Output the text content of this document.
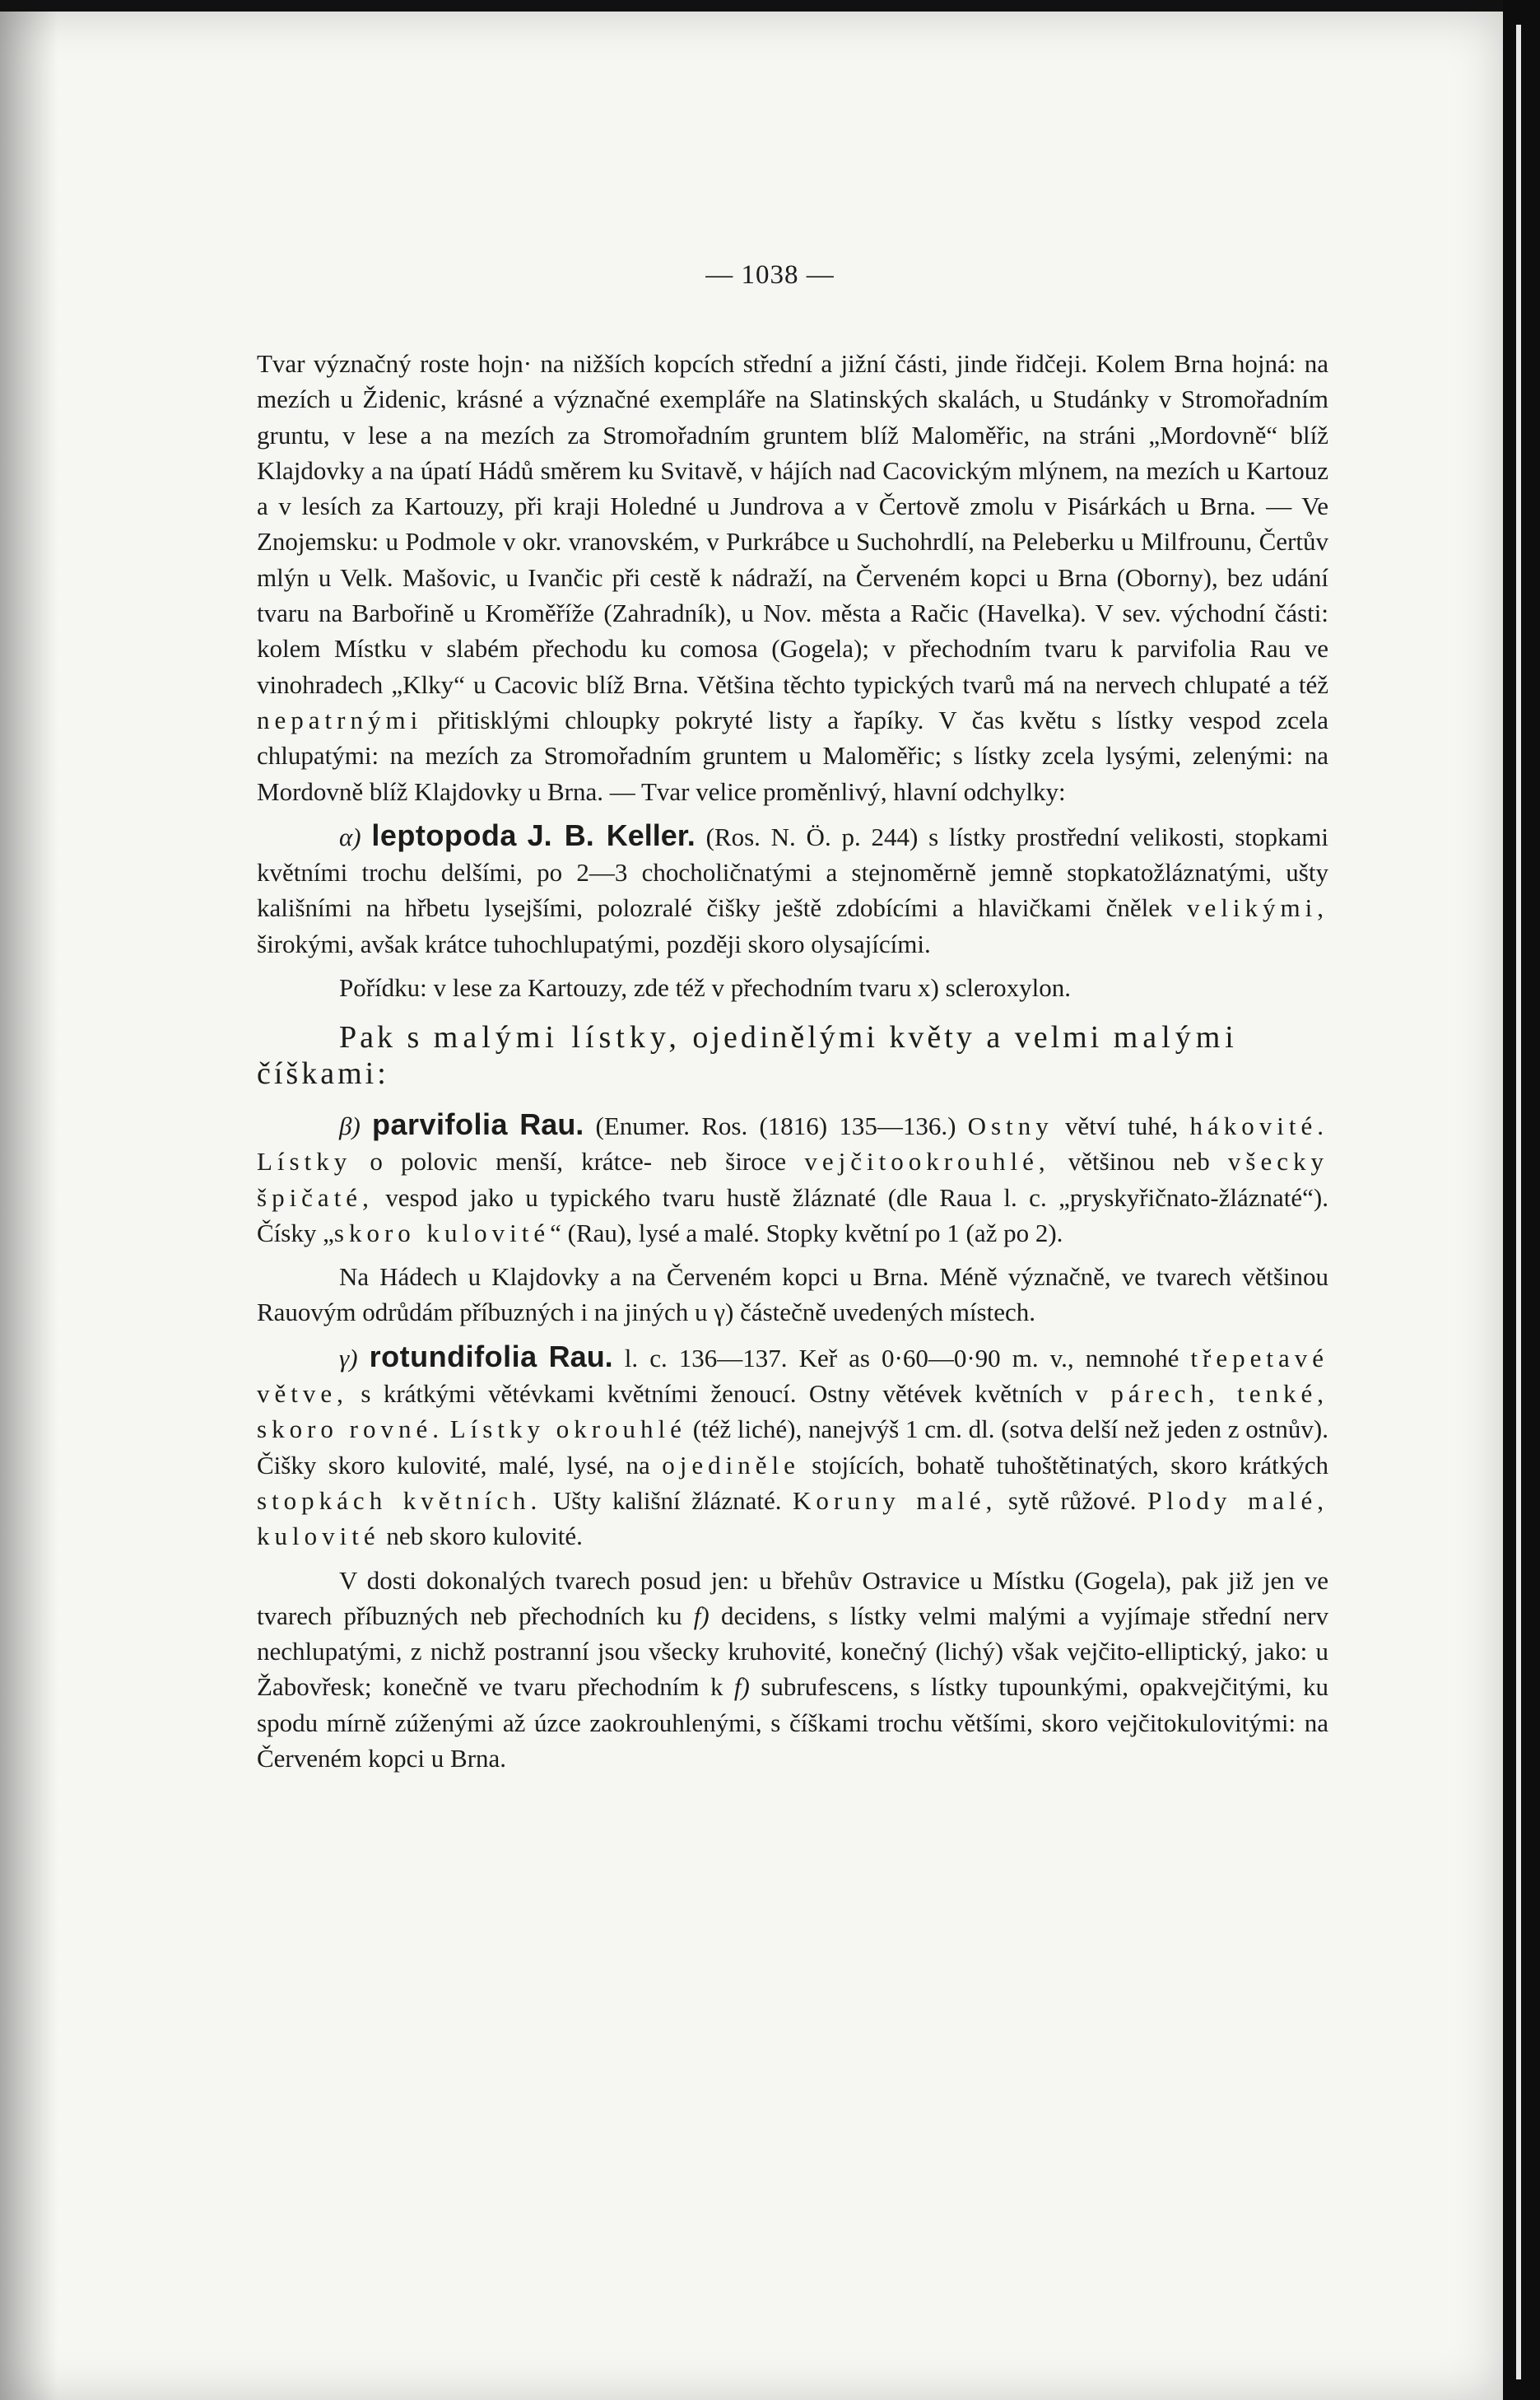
— 1038 —

Tvar význačný roste hojn· na nižších kopcích střední a jižní části, jinde řidčeji. Kolem Brna hojná: na mezích u Židenic, krásné a význačné exempláře na Slatinských skalách, u Studánky v Stromořadním gruntu, v lese a na mezích za Stromořadním gruntem blíž Maloměřic, na stráni „Mordovně“ blíž Klajdovky a na úpatí Hádů směrem ku Svitavě, v hájích nad Cacovickým mlýnem, na mezích u Kartouz a v lesích za Kartouzy, při kraji Holedné u Jundrova a v Čertově zmolu v Pisárkách u Brna. — Ve Znojemsku: u Podmole v okr. vranovském, v Purkrábce u Suchohrdlí, na Peleberku u Milfrounu, Čertův mlýn u Velk. Mašovic, u Ivančic při cestě k nádraží, na Červeném kopci u Brna (Oborny), bez udání tvaru na Barbořině u Kroměříže (Zahradník), u Nov. města a Račic (Havelka). V sev. východní části: kolem Místku v slabém přechodu ku comosa (Gogela); v přechodním tvaru k parvifolia Rau ve vinohradech „Klky“ u Cacovic blíž Brna. Většina těchto typických tvarů má na nervech chlupaté a též nepatrnými přitisklými chloupky pokryté listy a řapíky. V čas květu s lístky vespod zcela chlupatými: na mezích za Stromořadním gruntem u Maloměřic; s lístky zcela lysými, zelenými: na Mordovně blíž Klajdovky u Brna. — Tvar velice proměnlivý, hlavní odchylky:

α) leptopoda J. B. Keller. (Ros. N. Ö. p. 244) s lístky prostřední velikosti, stopkami květními trochu delšími, po 2—3 chocholičnatými a stejnoměrně jemně stopkatožláznatými, ušty kališními na hřbetu lysejšími, polozralé čišky ještě zdobícími a hlavičkami čnělek velikými, širokými, avšak krátce tuhochlupatými, později skoro olysajícími.

Pořídku: v lese za Kartouzy, zde též v přechodním tvaru x) scleroxylon.

Pak s malými lístky, ojedinělými květy a velmi malými

číškami:

β) parvifolia Rau. (Enumer. Ros. (1816) 135—136.) Ostny větví tuhé, hákovité. Lístky o polovic menší, krátce- neb široce vejčitookrouhlé, většinou neb všecky špičaté, vespod jako u typického tvaru hustě žláznaté (dle Raua l. c. „pryskyřičnato-žláznaté“). Čísky „skoro kulovité“ (Rau), lysé a malé. Stopky květní po 1 (až po 2).

Na Hádech u Klajdovky a na Červeném kopci u Brna. Méně význačně, ve tvarech většinou Rauovým odrůdám příbuzných i na jiných u γ) částečně uvedených místech.

γ) rotundifolia Rau. l. c. 136—137. Keř as 0·60—0·90 m. v., nemnohé třepetavé větve, s krátkými větévkami květními ženoucí. Ostny větévek květních v párech, tenké, skoro rovné. Lístky okrouhlé (též liché), nanejvýš 1 cm. dl. (sotva delší než jeden z ostnův). Čišky skoro kulovité, malé, lysé, na ojediněle stojících, bohatě tuhoštětinatých, skoro krátkých stopkách květních. Ušty kališní žláznaté. Koruny malé, sytě růžové. Plody malé, kulovité neb skoro kulovité.

V dosti dokonalých tvarech posud jen: u břehův Ostravice u Místku (Gogela), pak již jen ve tvarech příbuzných neb přechodních ku f) decidens, s lístky velmi malými a vyjímaje střední nerv nechlupatými, z nichž postranní jsou všecky kruhovité, konečný (lichý) však vejčito-elliptický, jako: u Žabovřesk; konečně ve tvaru přechodním k f) subrufescens, s lístky tupounkými, opakvejčitými, ku spodu mírně zúženými až úzce zaokrouhlenými, s číškami trochu většími, skoro vejčitokulovitými: na Červeném kopci u Brna.
